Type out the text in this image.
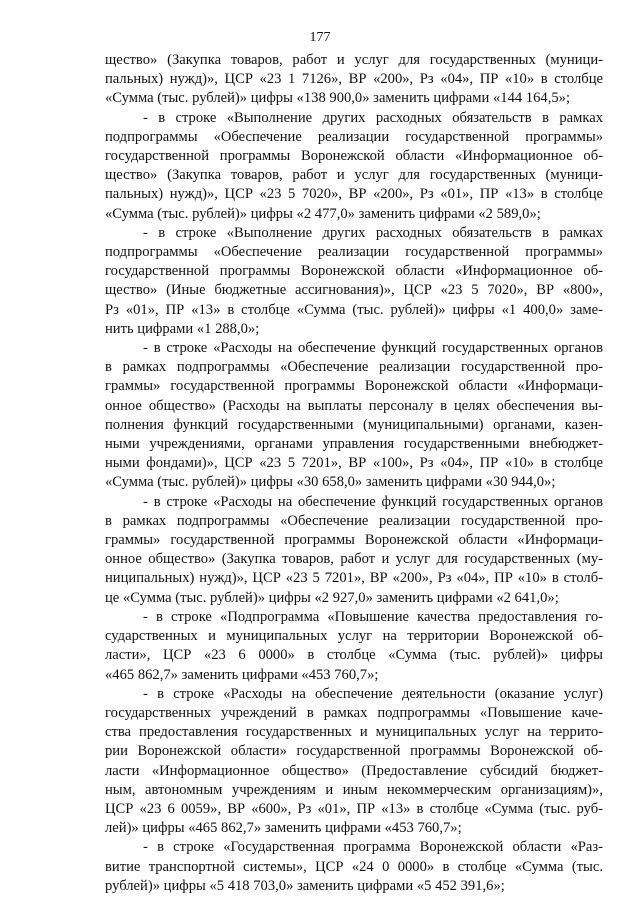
177
щество» (Закупка товаров, работ и услуг для государственных (муници-
пальных) нужд)», ЦСР «23 1 7126», ВР «200», Рз «04», ПР «10» в столбце
«Сумма (тыс. рублей)» цифры «138 900,0» заменить цифрами «144 164,5»;
- в строке «Выполнение других расходных обязательств в рамках
подпрограммы «Обеспечение реализации государственной программы»
государственной программы Воронежской области «Информационное об-
щество» (Закупка товаров, работ и услуг для государственных (муници-
пальных) нужд)», ЦСР «23 5 7020», ВР «200», Рз «01», ПР «13» в столбце
«Сумма (тыс. рублей)» цифры «2 477,0» заменить цифрами «2 589,0»;
- в строке «Выполнение других расходных обязательств в рамках
подпрограммы «Обеспечение реализации государственной программы»
государственной программы Воронежской области «Информационное об-
щество» (Иные бюджетные ассигнования)», ЦСР «23 5 7020», ВР «800»,
Рз «01», ПР «13» в столбце «Сумма (тыс. рублей)» цифры «1 400,0» заме-
нить цифрами «1 288,0»;
- в строке «Расходы на обеспечение функций государственных органов
в рамках подпрограммы «Обеспечение реализации государственной про-
граммы» государственной программы Воронежской области «Информаци-
онное общество» (Расходы на выплаты персоналу в целях обеспечения вы-
полнения функций государственными (муниципальными) органами, казен-
ными учреждениями, органами управления государственными внебюджет-
ными фондами)», ЦСР «23 5 7201», ВР «100», Рз «04», ПР «10» в столбце
«Сумма (тыс. рублей)» цифры «30 658,0» заменить цифрами «30 944,0»;
- в строке «Расходы на обеспечение функций государственных органов
в рамках подпрограммы «Обеспечение реализации государственной про-
граммы» государственной программы Воронежской области «Информаци-
онное общество» (Закупка товаров, работ и услуг для государственных (му-
ниципальных) нужд)», ЦСР «23 5 7201», ВР «200», Рз «04», ПР «10» в столб-
це «Сумма (тыс. рублей)» цифры «2 927,0» заменить цифрами «2 641,0»;
- в строке «Подпрограмма «Повышение качества предоставления го-
сударственных и муниципальных услуг на территории Воронежской об-
ласти», ЦСР «23 6 0000» в столбце «Сумма (тыс. рублей)» цифры
«465 862,7» заменить цифрами «453 760,7»;
- в строке «Расходы на обеспечение деятельности (оказание услуг)
государственных учреждений в рамках подпрограммы «Повышение каче-
ства предоставления государственных и муниципальных услуг на террито-
рии Воронежской области» государственной программы Воронежской об-
ласти «Информационное общество» (Предоставление субсидий бюджет-
ным, автономным учреждениям и иным некоммерческим организациям)»,
ЦСР «23 6 0059», ВР «600», Рз «01», ПР «13» в столбце «Сумма (тыс. руб-
лей)» цифры «465 862,7» заменить цифрами «453 760,7»;
- в строке «Государственная программа Воронежской области «Раз-
витие транспортной системы», ЦСР «24 0 0000» в столбце «Сумма (тыс.
рублей)» цифры «5 418 703,0» заменить цифрами «5 452 391,6»;
